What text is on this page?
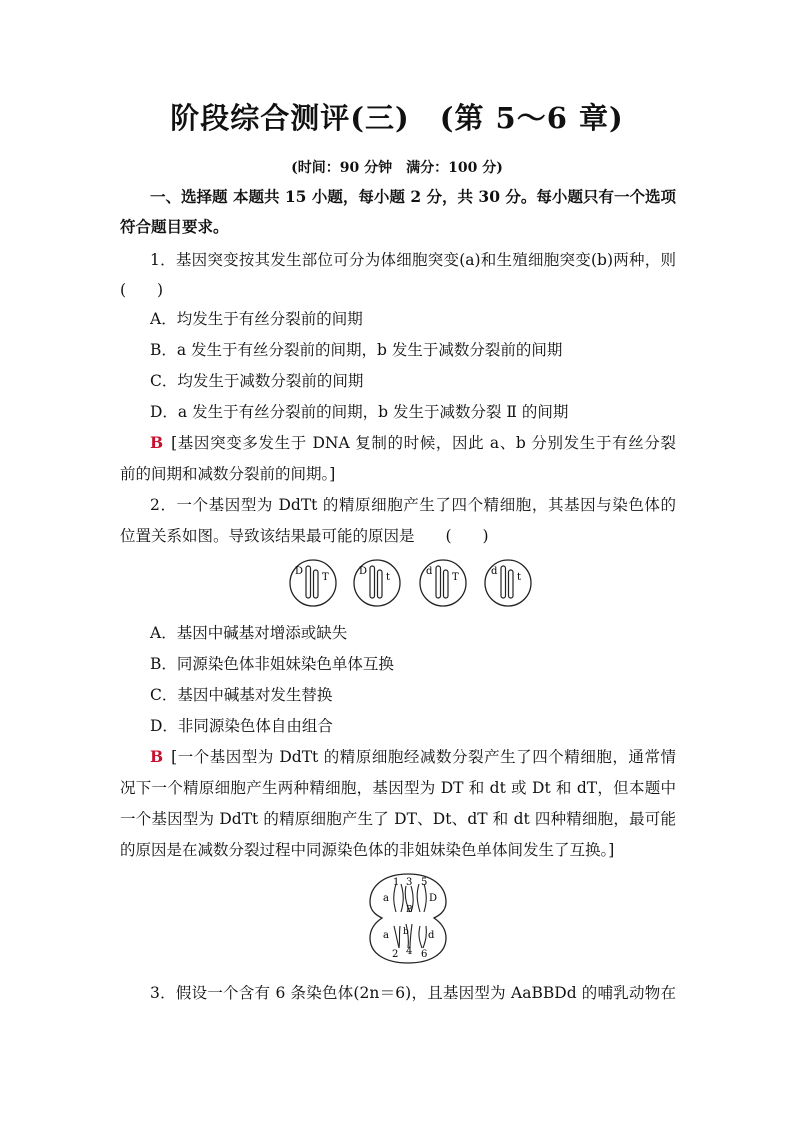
阶段综合测评(三)　(第 5～6 章)
(时间：90 分钟　满分：100 分)
一、选择题 本题共 15 小题，每小题 2 分，共 30 分。每小题只有一个选项
符合题目要求。
1．基因突变按其发生部位可分为体细胞突变(a)和生殖细胞突变(b)两种，则
(　　)
A．均发生于有丝分裂前的间期
B．a 发生于有丝分裂前的间期，b 发生于减数分裂前的间期
C．均发生于减数分裂前的间期
D．a 发生于有丝分裂前的间期，b 发生于减数分裂 Ⅱ 的间期
B [基因突变多发生于 DNA 复制的时候，因此 a、b 分别发生于有丝分裂
前的间期和减数分裂前的间期。]
2．一个基因型为 DdTt 的精原细胞产生了四个精细胞，其基因与染色体的
位置关系如图。导致该结果最可能的原因是　　(　　)
D
T
D
t
d
T
d
t
A．基因中碱基对增添或缺失
B．同源染色体非姐妹染色单体互换
C．基因中碱基对发生替换
D．非同源染色体自由组合
B [一个基因型为 DdTt 的精原细胞经减数分裂产生了四个精细胞，通常情
况下一个精原细胞产生两种精细胞，基因型为 DT 和 dt 或 Dt 和 dT，但本题中
一个基因型为 DdTt 的精原细胞产生了 DT、Dt、dT 和 dt 四种精细胞，最可能
的原因是在减数分裂过程中同源染色体的非姐妹染色单体间发生了互换。]
1 3 5
a
B
D
a b d
2 4 6
3．假设一个含有 6 条染色体(2n＝6)，且基因型为 AaBBDd 的哺乳动物在
